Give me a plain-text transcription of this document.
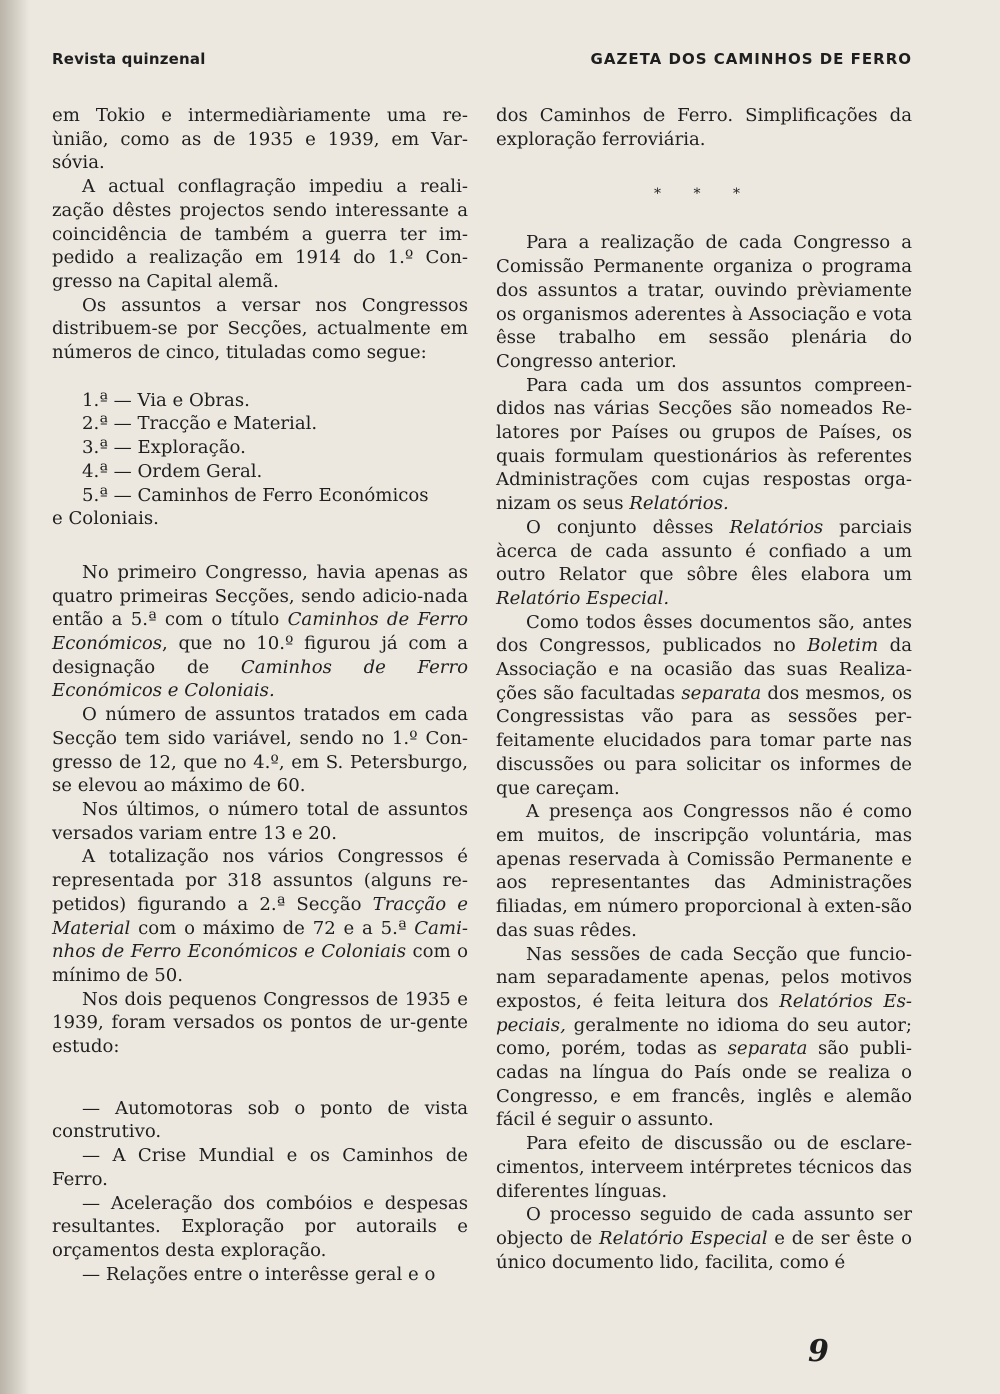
Revista quinzenal	GAZETA DOS CAMINHOS DE FERRO

em Tokio e intermediàriamente uma re-ùnião, como as de 1935 e 1939, em Var-sóvia.

A actual conflagração impediu a reali-zação dêstes projectos sendo interessante a coincidência de também a guerra ter im-pedido a realização em 1914 do 1.º Con-gresso na Capital alemã.

Os assuntos a versar nos Congressos distribuem-se por Secções, actualmente em números de cinco, tituladas como segue:

1.ª — Via e Obras.
2.ª — Tracção e Material.
3.ª — Exploração.
4.ª — Ordem Geral.
5.ª — Caminhos de Ferro Económicos
e Coloniais.

No primeiro Congresso, havia apenas as quatro primeiras Secções, sendo adicio-nada então a 5.ª com o título Caminhos de Ferro Económicos, que no 10.º figurou já com a designação de Caminhos de Ferro Económicos e Coloniais.

O número de assuntos tratados em cada Secção tem sido variável, sendo no 1.º Con-gresso de 12, que no 4.º, em S. Petersburgo, se elevou ao máximo de 60.

Nos últimos, o número total de assuntos versados variam entre 13 e 20.

A totalização nos vários Congressos é representada por 318 assuntos (alguns re-petidos) figurando a 2.ª Secção Tracção e Material com o máximo de 72 e a 5.ª Cami-nhos de Ferro Económicos e Coloniais com o mínimo de 50.

Nos dois pequenos Congressos de 1935 e 1939, foram versados os pontos de ur-gente estudo:

— Automotoras sob o ponto de vista construtivo.

— A Crise Mundial e os Caminhos de Ferro.

— Aceleração dos combóios e despesas resultantes. Exploração por autorails e orçamentos desta exploração.

— Relações entre o interêsse geral e o

dos Caminhos de Ferro. Simplificações da exploração ferroviária.

* * *

Para a realização de cada Congresso a Comissão Permanente organiza o programa dos assuntos a tratar, ouvindo prèviamente os organismos aderentes à Associação e vota êsse trabalho em sessão plenária do Congresso anterior.

Para cada um dos assuntos compreen-didos nas várias Secções são nomeados Re-latores por Países ou grupos de Países, os quais formulam questionários às referentes Administrações com cujas respostas orga-nizam os seus Relatórios.

O conjunto dêsses Relatórios parciais àcerca de cada assunto é confiado a um outro Relator que sôbre êles elabora um Relatório Especial.

Como todos êsses documentos são, antes dos Congressos, publicados no Boletim da Associação e na ocasião das suas Realiza-ções são facultadas separata dos mesmos, os Congressistas vão para as sessões per-feitamente elucidados para tomar parte nas discussões ou para solicitar os informes de que careçam.

A presença aos Congressos não é como em muitos, de inscripção voluntária, mas apenas reservada à Comissão Permanente e aos representantes das Administrações filiadas, em número proporcional à exten-são das suas rêdes.

Nas sessões de cada Secção que funcio-nam separadamente apenas, pelos motivos expostos, é feita leitura dos Relatórios Es-peciais, geralmente no idioma do seu autor; como, porém, todas as separata são publi-cadas na língua do País onde se realiza o Congresso, e em francês, inglês e alemão fácil é seguir o assunto.

Para efeito de discussão ou de esclare-cimentos, interveem intérpretes técnicos das diferentes línguas.

O processo seguido de cada assunto ser objecto de Relatório Especial e de ser êste o único documento lido, facilita, como é

9
